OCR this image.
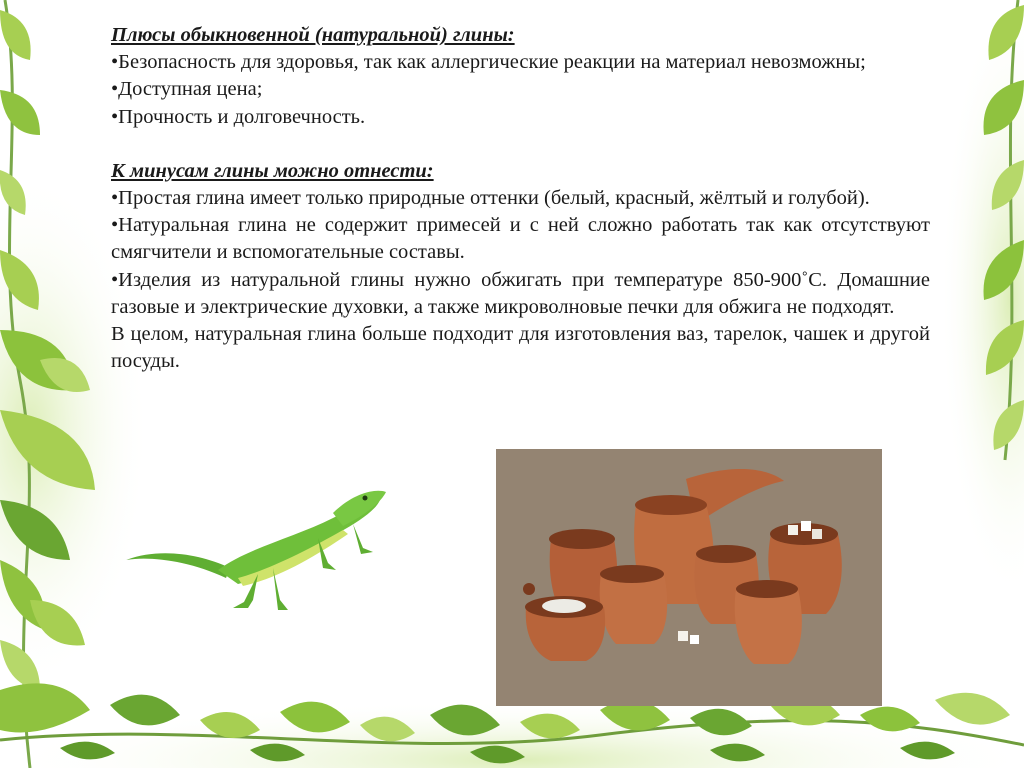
Плюсы обыкновенной (натуральной) глины:

•Безопасность для здоровья, так как аллергические реакции на материал невозможны;

•Доступная цена;

•Прочность и долговечность.

К минусам глины можно отнести:

•Простая глина имеет только природные оттенки (белый, красный, жёлтый и голубой).

•Натуральная глина не содержит примесей и с ней сложно работать так как отсутствуют смягчители и вспомогательные составы.

•Изделия из натуральной глины нужно обжигать при температуре 850-900˚С. Домашние газовые и электрические духовки, а также микроволновые печки для обжига не подходят.

В целом, натуральная глина больше подходит для изготовления ваз, тарелок, чашек и другой посуды.
